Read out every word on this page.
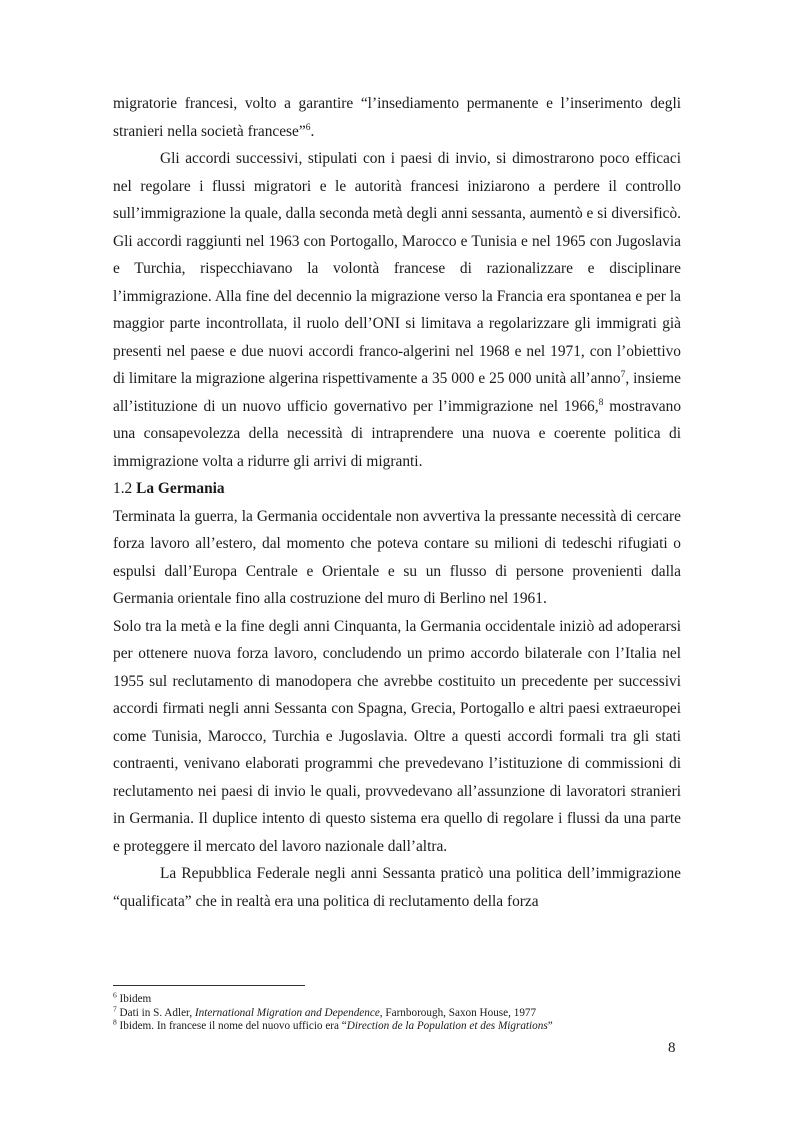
migratorie francesi, volto a garantire “l’insediamento permanente e l’inserimento degli stranieri nella società francese”$^6$.

Gli accordi successivi, stipulati con i paesi di invio, si dimostrarono poco efficaci nel regolare i flussi migratori e le autorità francesi iniziarono a perdere il controllo sull’immigrazione la quale, dalla seconda metà degli anni sessanta, aumentò e si diversificò. Gli accordi raggiunti nel 1963 con Portogallo, Marocco e Tunisia e nel 1965 con Jugoslavia e Turchia, rispecchiavano la volontà francese di razionalizzare e disciplinare l’immigrazione. Alla fine del decennio la migrazione verso la Francia era spontanea e per la maggior parte incontrollata, il ruolo dell’ONI si limitava a regolarizzare gli immigrati già presenti nel paese e due nuovi accordi franco-algerini nel 1968 e nel 1971, con l’obiettivo di limitare la migrazione algerina rispettivamente a 35 000 e 25 000 unità all’anno$^7$, insieme all’istituzione di un nuovo ufficio governativo per l’immigrazione nel 1966,$^8$ mostravano una consapevolezza della necessità di intraprendere una nuova e coerente politica di immigrazione volta a ridurre gli arrivi di migranti.

1.2 La Germania

Terminata la guerra, la Germania occidentale non avvertiva la pressante necessità di cercare forza lavoro all’estero, dal momento che poteva contare su milioni di tedeschi rifugiati o espulsi dall’Europa Centrale e Orientale e su un flusso di persone provenienti dalla Germania orientale fino alla costruzione del muro di Berlino nel 1961.

Solo tra la metà e la fine degli anni Cinquanta, la Germania occidentale iniziò ad adoperarsi per ottenere nuova forza lavoro, concludendo un primo accordo bilaterale con l’Italia nel 1955 sul reclutamento di manodopera che avrebbe costituito un precedente per successivi accordi firmati negli anni Sessanta con Spagna, Grecia, Portogallo e altri paesi extraeuropei come Tunisia, Marocco, Turchia e Jugoslavia. Oltre a questi accordi formali tra gli stati contraenti, venivano elaborati programmi che prevedevano l’istituzione di commissioni di reclutamento nei paesi di invio le quali, provvedevano all’assunzione di lavoratori stranieri in Germania. Il duplice intento di questo sistema era quello di regolare i flussi da una parte e proteggere il mercato del lavoro nazionale dall’altra.

La Repubblica Federale negli anni Sessanta praticò una politica dell’immigrazione “qualificata” che in realtà era una politica di reclutamento della forza

$^6$ Ibidem
$^7$ Dati in S. Adler, International Migration and Dependence, Farnborough, Saxon House, 1977
$^8$ Ibidem. In francese il nome del nuovo ufficio era “Direction de la Population et des Migrations”
8
